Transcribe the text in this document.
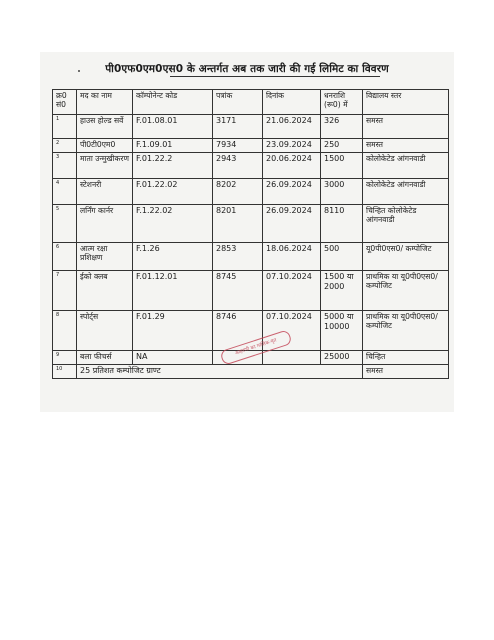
पी0एफ0एम0एस0 के अन्तर्गत अब तक जारी की गई लिमिट का विवरण
क्र0 सं0	मद का नाम	कॉम्पोनेन्ट कोड	पत्रांक	दिनांक	धनराशि (रू0) में	विद्यालय स्तर
1	हाउस होल्ड सर्वे	F.01.08.01	3171	21.06.2024	326	समस्त
2	पी0टी0एम0	F.1.09.01	7934	23.09.2024	250	समस्त
3	माता उन्मुखीकरण	F.01.22.2	2943	20.06.2024	1500	कोलोकेटेड आंगनवाडी
4	स्टेशनरी	F.01.22.02	8202	26.09.2024	3000	कोलोकेटेड आंगनवाडी
5	लर्निंग कार्नर	F.1.22.02	8201	26.09.2024	8110	चिन्हित कोलोकेटेड आंगनवाडी
6	आत्म रक्षा प्रशिक्षण	F.1.26	2853	18.06.2024	500	यू0पी0एस0/ कम्पोजिट
7	ईको क्लब	F.01.12.01	8745	07.10.2024	1500 या 2000	प्राथमिक या यू0पी0एस0/ कम्पोजिट
8	स्पोर्ट्स	F.01.29	8746	07.10.2024	5000 या 10000	प्राथमिक या यू0पी0एस0/ कम्पोजिट
9	बला फीचर्स	NA			25000	चिन्हित
10	25 प्रतिशत कम्पोजिट ग्राण्ट					समस्त
आहरणी का मासिक-वृत
